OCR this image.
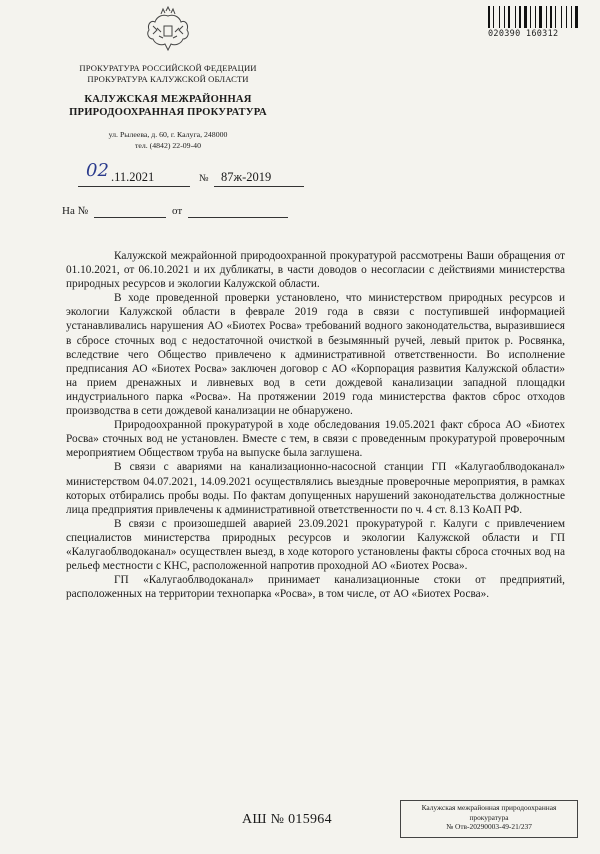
020390 160312
ПРОКУРАТУРА РОССИЙСКОЙ ФЕДЕРАЦИИ
ПРОКУРАТУРА КАЛУЖСКОЙ ОБЛАСТИ
КАЛУЖСКАЯ МЕЖРАЙОННАЯ
ПРИРОДООХРАННАЯ ПРОКУРАТУРА
ул. Рылеева, д. 60, г. Калуга, 248000
тел. (4842) 22-09-40
02 .11.2021	№ 87ж-2019
На №	от

Калужской межрайонной природоохранной прокуратурой рассмотрены Ваши обращения от 01.10.2021, от 06.10.2021 и их дубликаты, в части доводов о несогласии с действиями министерства природных ресурсов и экологии Калужской области.

В ходе проведенной проверки установлено, что министерством природных ресурсов и экологии Калужской области в феврале 2019 года в связи с поступившей информацией устанавливались нарушения АО «Биотех Росва» требований водного законодательства, выразившиеся в сбросе сточных вод с недостаточной очисткой в безымянный ручей, левый приток р. Росвянка, вследствие чего Общество привлечено к административной ответственности. Во исполнение предписания АО «Биотех Росва» заключен договор с АО «Корпорация развития Калужской области» на прием дренажных и ливневых вод в сети дождевой канализации западной площадки индустриального парка «Росва». На протяжении 2019 года министерства фактов сброс отходов производства в сети дождевой канализации не обнаружено.

Природоохранной прокуратурой в ходе обследования 19.05.2021 факт сброса АО «Биотех Росва» сточных вод не установлен. Вместе с тем, в связи с проведенным прокуратурой проверочным мероприятием Обществом труба на выпуске была заглушена.

В связи с авариями на канализационно-насосной станции ГП «Калугаоблводоканал» министерством 04.07.2021, 14.09.2021 осуществлялись выездные проверочные мероприятия, в рамках которых отбирались пробы воды. По фактам допущенных нарушений законодательства должностные лица предприятия привлечены к административной ответственности по ч. 4 ст. 8.13 КоАП РФ.

В связи с произошедшей аварией 23.09.2021 прокуратурой г. Калуги с привлечением специалистов министерства природных ресурсов и экологии Калужской области и ГП «Калугаоблводоканал» осуществлен выезд, в ходе которого установлены факты сброса сточных вод на рельеф местности с КНС, расположенной напротив проходной АО «Биотех Росва».

ГП «Калугаоблводоканал» принимает канализационные стоки от предприятий, расположенных на территории технопарка «Росва», в том числе, от АО «Биотех Росва».

АШ № 015964
Калужская межрайонная природоохранная
прокуратура
№ Отв-20290003-49-21/237
